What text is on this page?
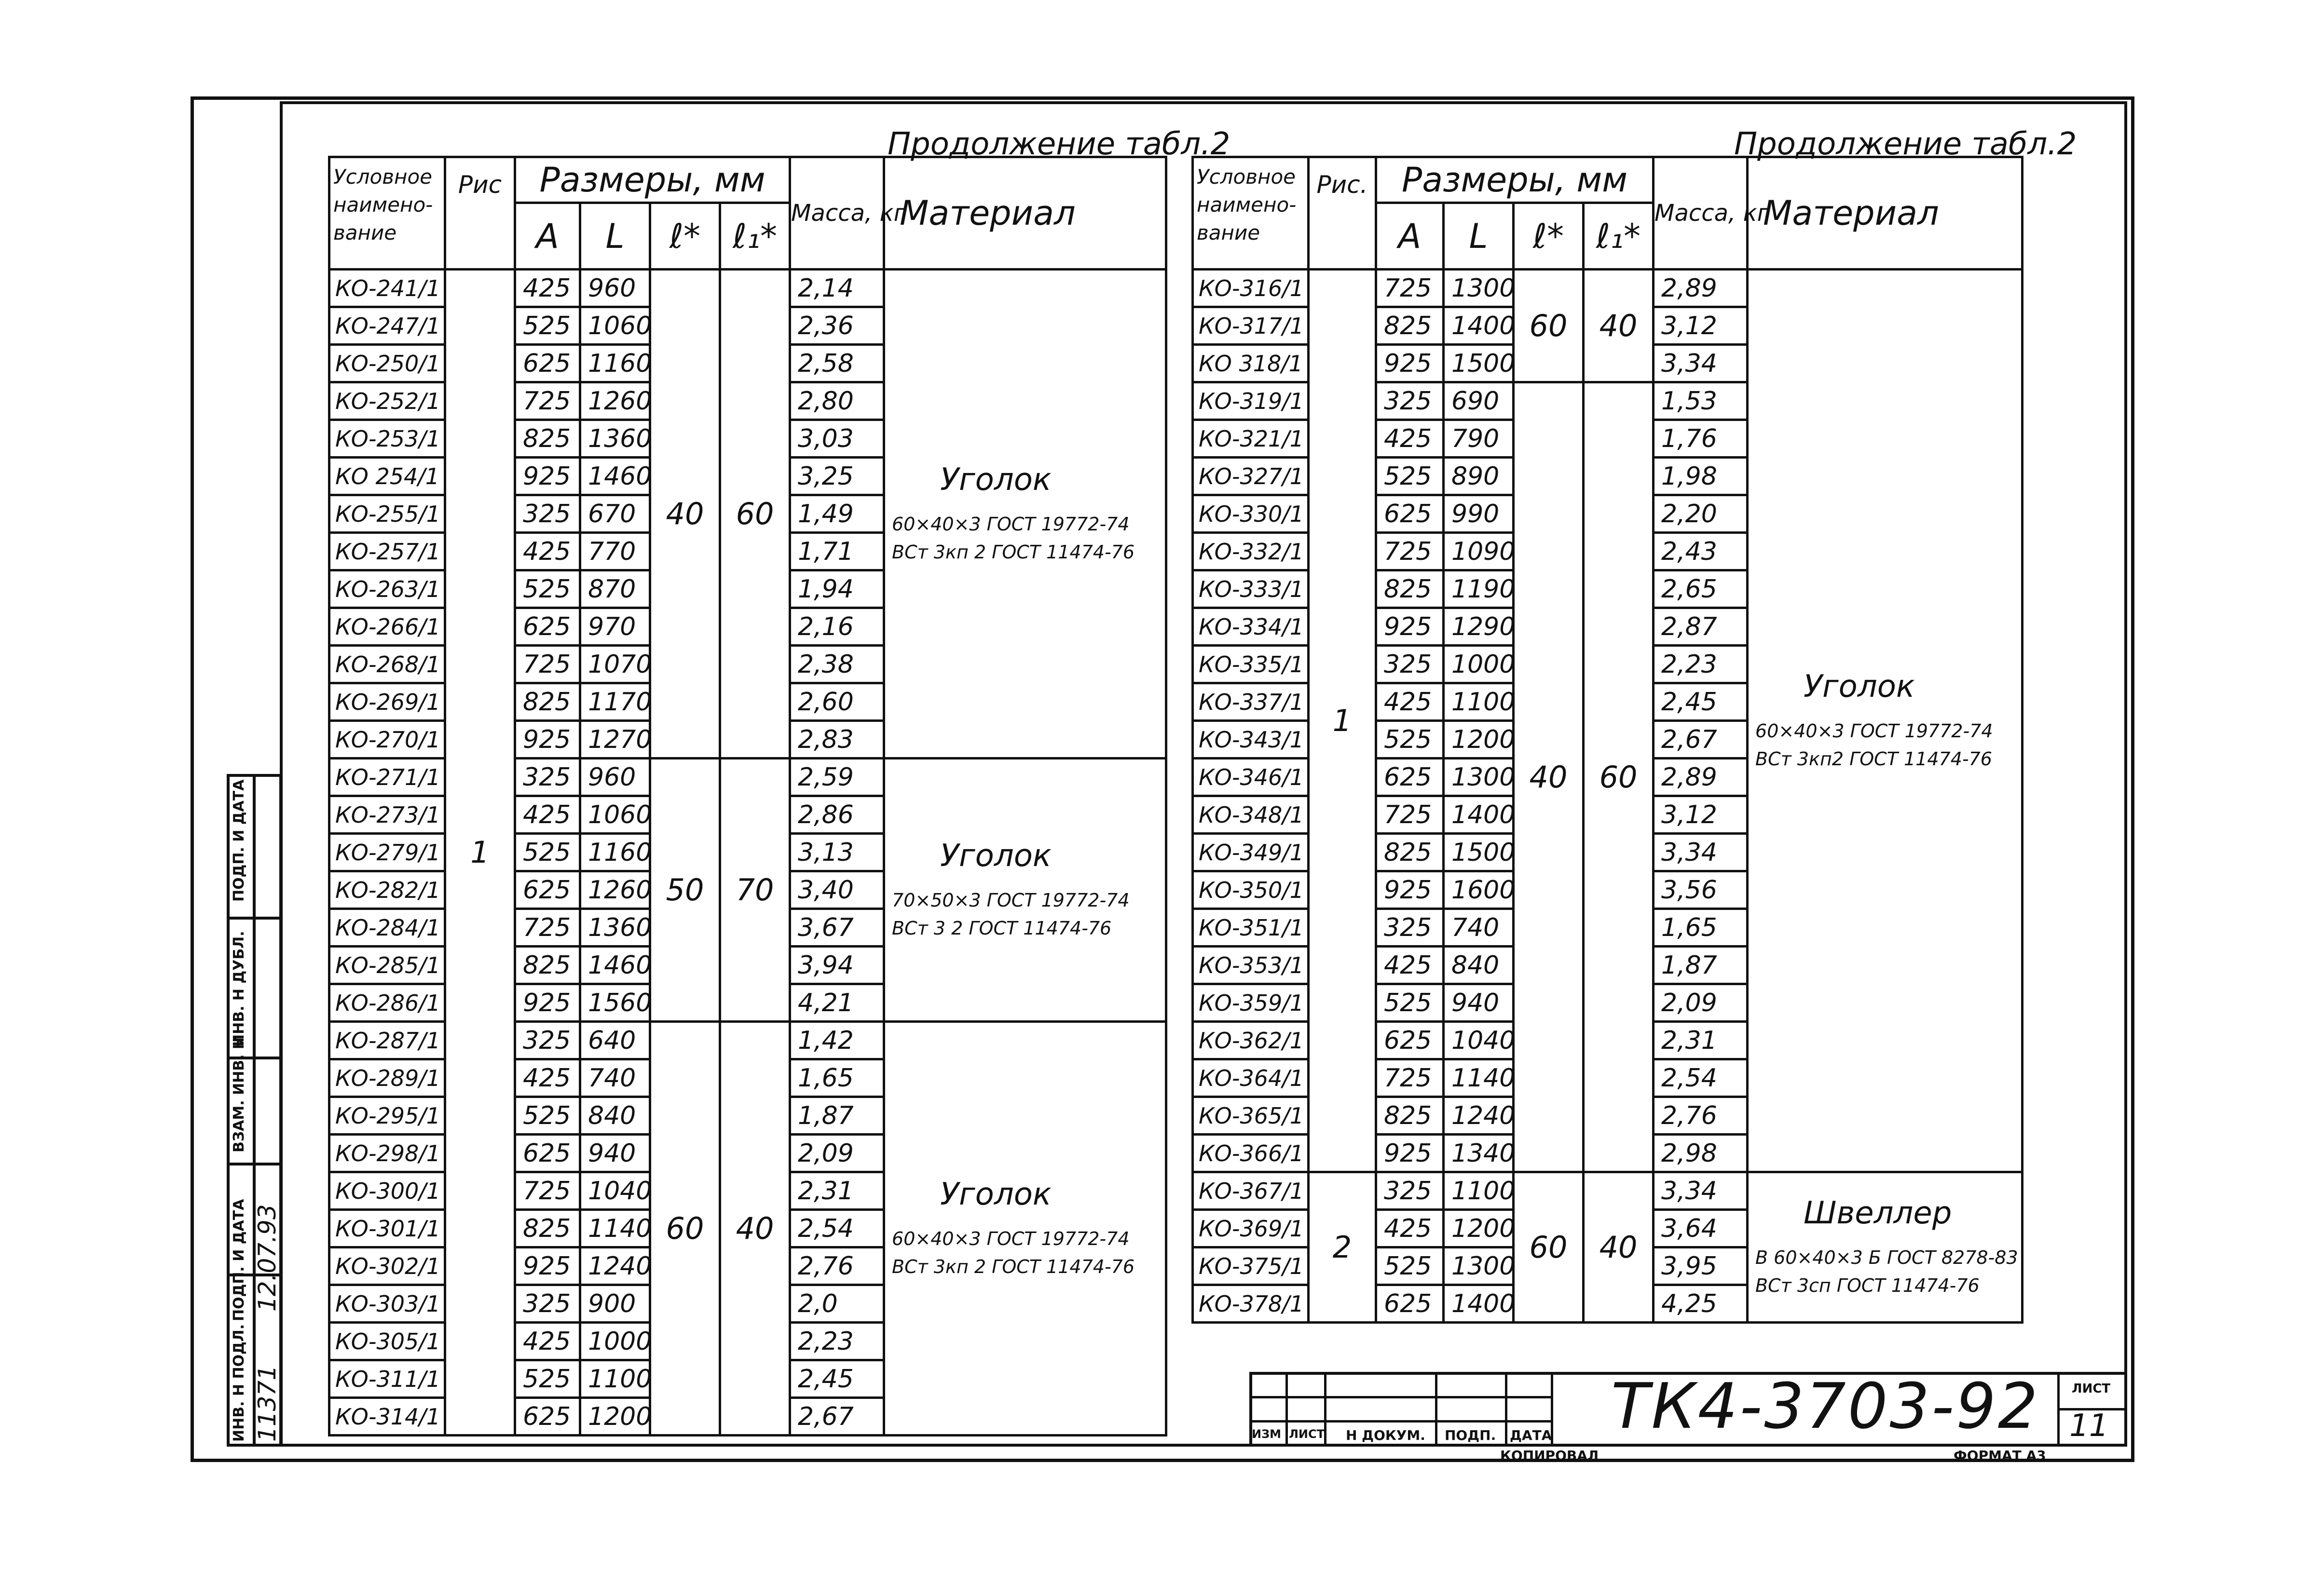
Продолжение табл.2
Условное наимено-вание	Рис	Размеры, мм				Масса, кг	Материал
		A	L	ℓ*	ℓ₁*		
КО-241/1	1	425	960	40	60	2,14	Уголок
60×40×3 ГОСТ 19772-74
ВСт 3кп 2 ГОСТ 11474-76

КО-247/1		525	1060			2,36	
КО-250/1		625	1160			2,58	
КО-252/1		725	1260			2,80	
КО-253/1		825	1360			3,03	
КО 254/1		925	1460			3,25	
КО-255/1		325	670			1,49	
КО-257/1		425	770			1,71	
КО-263/1		525	870			1,94	
КО-266/1		625	970			2,16	
КО-268/1		725	1070			2,38	
КО-269/1		825	1170			2,60	
КО-270/1		925	1270			2,83	
КО-271/1		325	960	50	70	2,59	Уголок
70×50×3 ГОСТ 19772-74
ВСт 3 2 ГОСТ 11474-76

КО-273/1		425	1060			2,86	
КО-279/1		525	1160			3,13	
КО-282/1		625	1260			3,40	
КО-284/1		725	1360			3,67	
КО-285/1		825	1460			3,94	
КО-286/1		925	1560			4,21	
КО-287/1		325	640	60	40	1,42	Уголок
60×40×3 ГОСТ 19772-74
ВСт 3кп 2 ГОСТ 11474-76

КО-289/1		425	740			1,65	
КО-295/1		525	840			1,87	
КО-298/1		625	940			2,09	
КО-300/1		725	1040			2,31	
КО-301/1		825	1140			2,54	
КО-302/1		925	1240			2,76	
КО-303/1		325	900			2,0	
КО-305/1		425	1000			2,23	
КО-311/1		525	1100			2,45	
КО-314/1		625	1200			2,67	
Продолжение табл.2
Условное наимено-вание	Рис.	Размеры, мм				Масса, кг	Материал
		A	L	ℓ*	ℓ₁*		
КО-316/1	1	725	1300	60	40	2,89	Уголок
60×40×3 ГОСТ 19772-74
ВСт 3кп2 ГОСТ 11474-76

КО-317/1		825	1400			3,12	
КО 318/1		925	1500			3,34	
КО-319/1		325	690	40	60	1,53	
КО-321/1		425	790			1,76	
КО-327/1		525	890			1,98	
КО-330/1		625	990			2,20	
КО-332/1		725	1090			2,43	
КО-333/1		825	1190			2,65	
КО-334/1		925	1290			2,87	
КО-335/1		325	1000			2,23	
КО-337/1		425	1100			2,45	
КО-343/1		525	1200			2,67	
КО-346/1		625	1300			2,89	
КО-348/1		725	1400			3,12	
КО-349/1		825	1500			3,34	
КО-350/1		925	1600			3,56	
КО-351/1		325	740			1,65	
КО-353/1		425	840			1,87	
КО-359/1		525	940			2,09	
КО-362/1		625	1040			2,31	
КО-364/1		725	1140			2,54	
КО-365/1		825	1240			2,76	
КО-366/1		925	1340			2,98	
КО-367/1	2	325	1100	60	40	3,34	Швеллер
В 60×40×3 Б ГОСТ 8278-83
ВСт 3сп ГОСТ 11474-76

КО-369/1		425	1200			3,64	
КО-375/1		525	1300			3,95	
КО-378/1		625	1400			4,25	
ИНВ. Н ПОДЛ.
ПОДП. И ДАТА
ВЗАМ. ИНВ. Н
ИНВ. Н ДУБЛ.
ПОДП. И ДАТА
11371
12.07.93
ИЗМ ЛИСТ Н ДОКУМ. ПОДП. ДАТА ТК4-3703-92	ЛИСТ
11
КОПИРОВАЛ	ФОРМАТ А3
